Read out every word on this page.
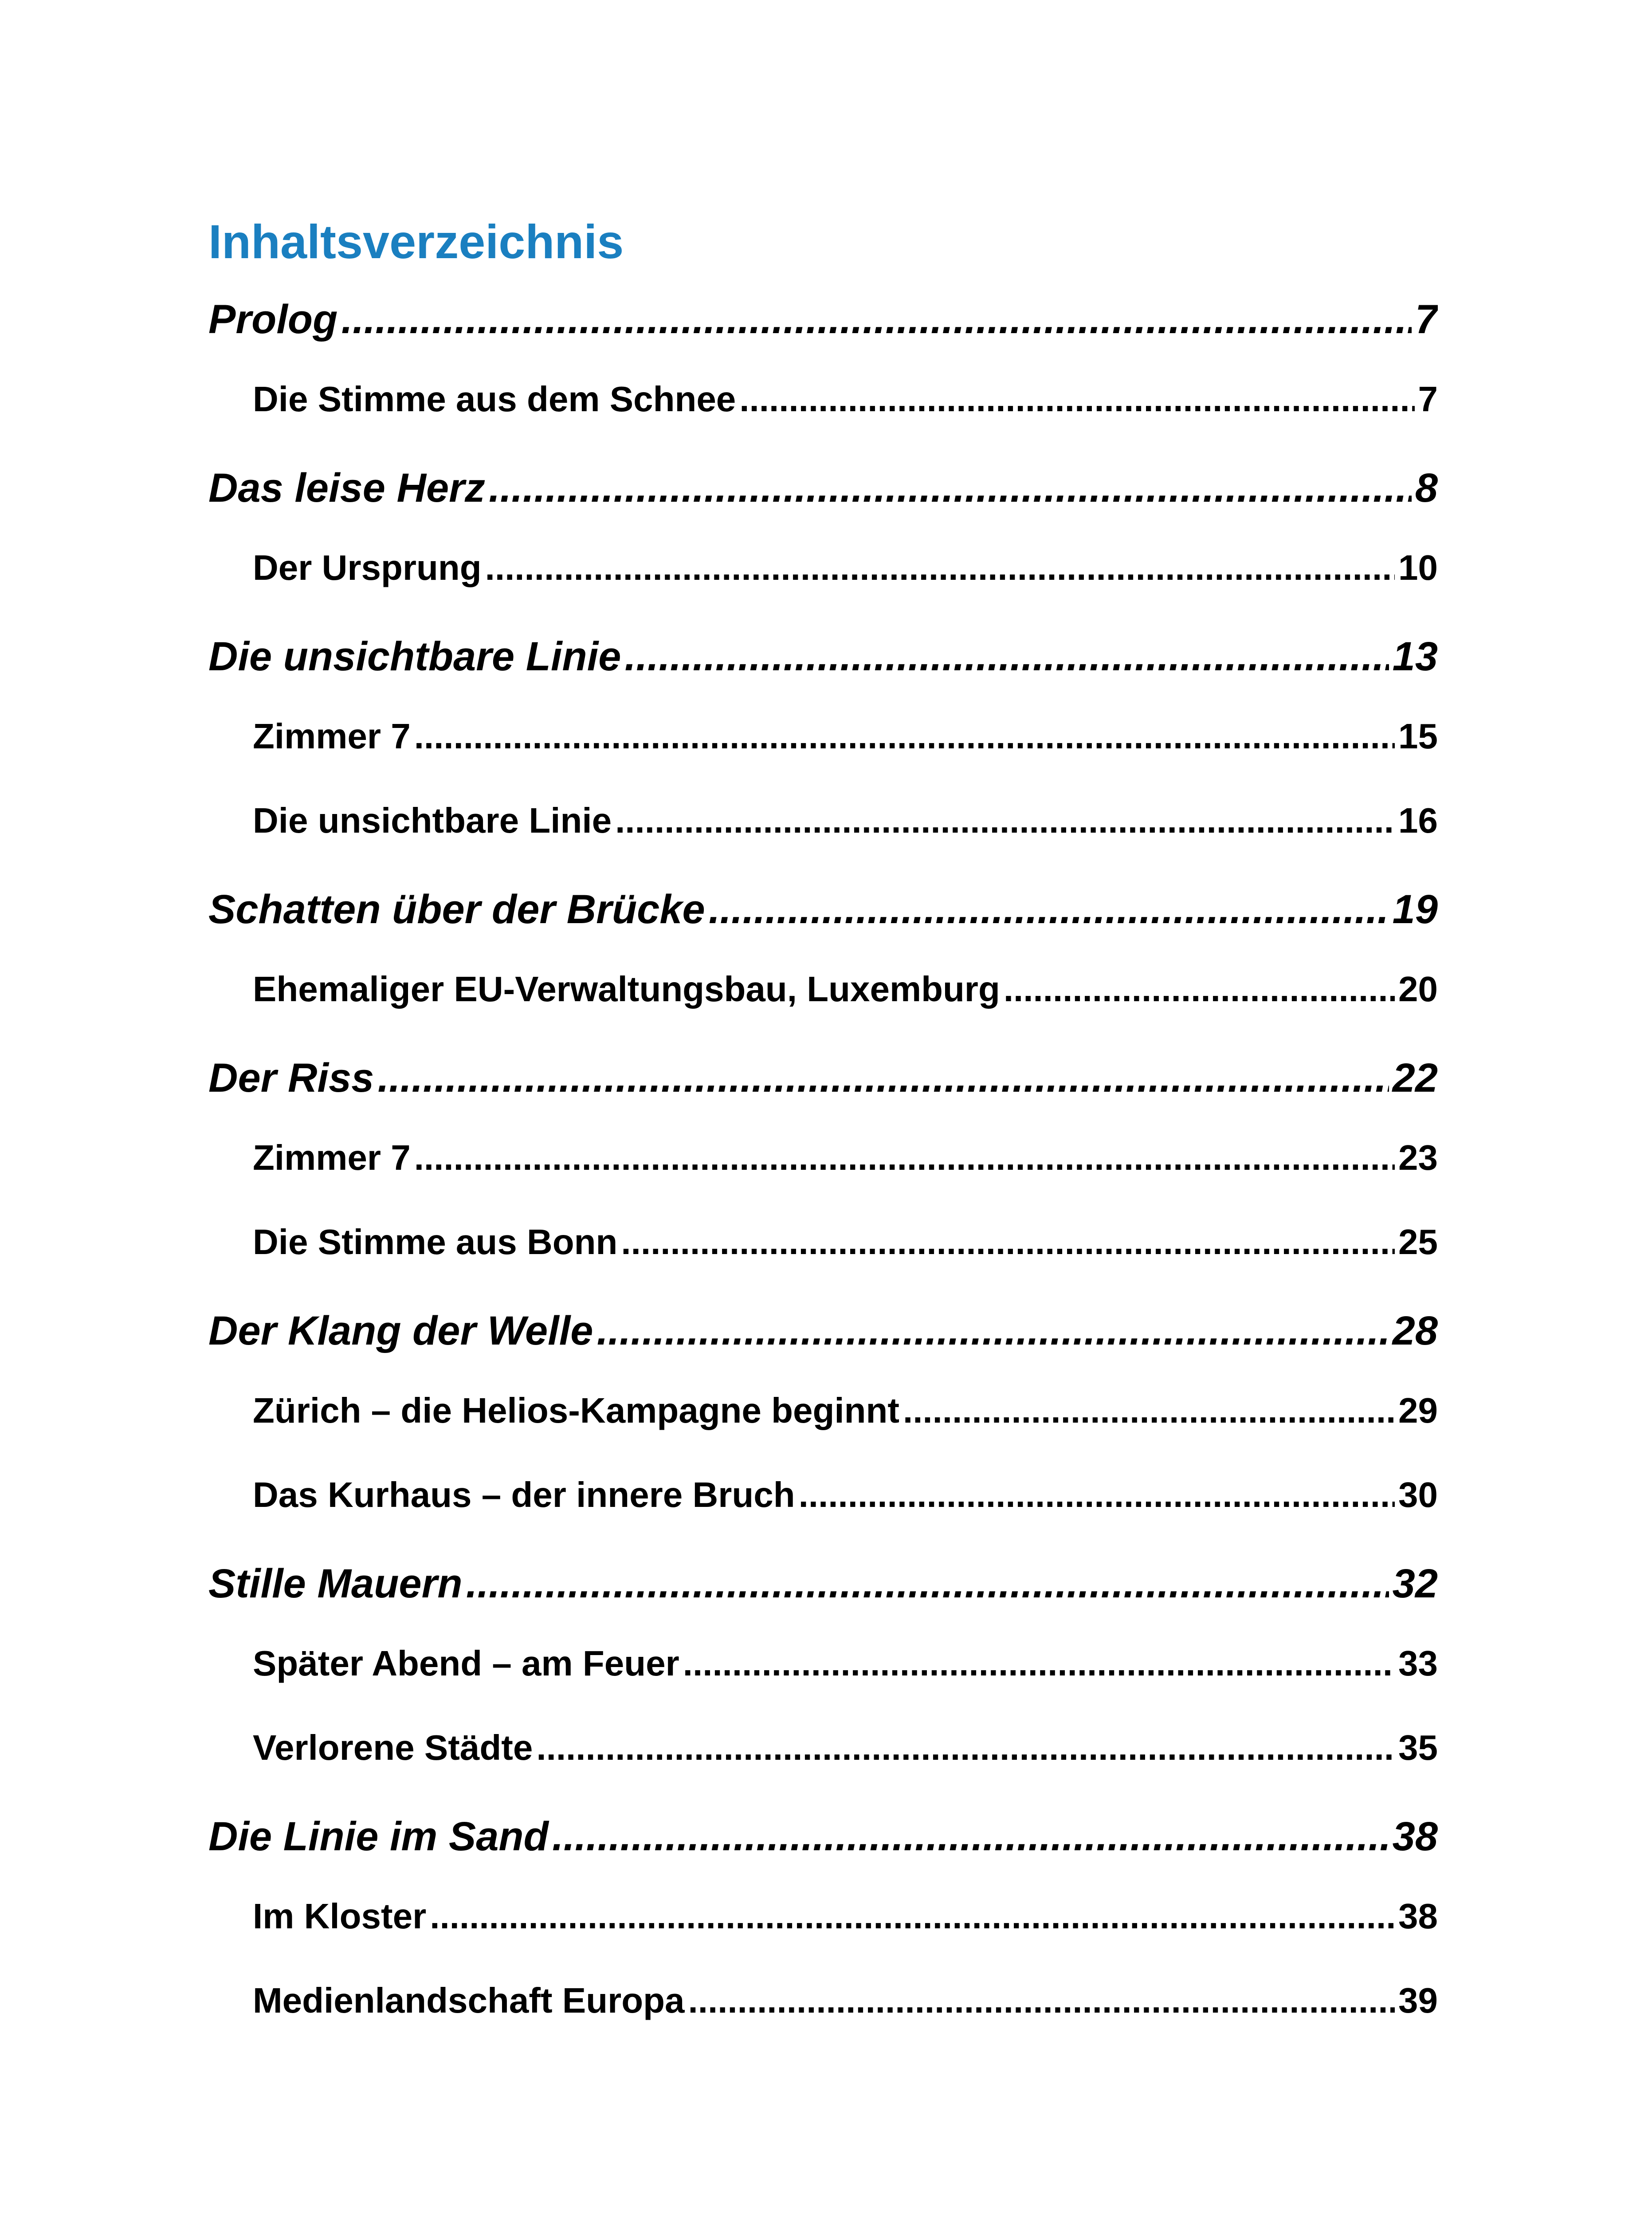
Inhaltsverzeichnis
Prolog .....	7
Die Stimme aus dem Schnee .....	7
Das leise Herz .....	8
Der Ursprung .....	10
Die unsichtbare Linie .....	13
Zimmer 7 .....	15
Die unsichtbare Linie .....	16
Schatten über der Brücke .....	19
Ehemaliger EU-Verwaltungsbau, Luxemburg .....	20
Der Riss .....	22
Zimmer 7 .....	23
Die Stimme aus Bonn .....	25
Der Klang der Welle .....	28
Zürich – die Helios-Kampagne beginnt .....	29
Das Kurhaus – der innere Bruch .....	30
Stille Mauern .....	32
Später Abend – am Feuer .....	33
Verlorene Städte .....	35
Die Linie im Sand .....	38
Im Kloster .....	38
Medienlandschaft Europa .....	39
